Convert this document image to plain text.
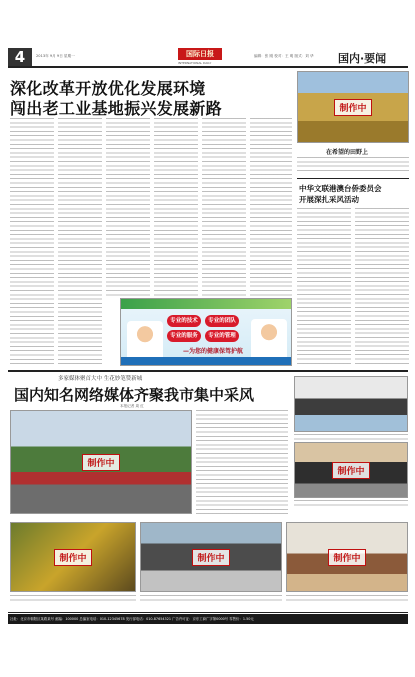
4	2013年 9月 9日 星期一	国际日报
INTERNATIONAL DAILY
编辑：张 刚 校对：王 明 版式：刘 华 国内·要闻
深化改革开放优化发展环境
闯出老工业基地振兴发展新路	制作中
在希望的田野上
中华文联港澳台侨委员会
开展深扎采风活动
专业的技术	专业的团队
专业的服务	专业的管理
—为您的健康保驾护航
多家媒体聚首大中 生花妙笔赞新城
国内知名网络媒体齐聚我市集中采风
本报记者 周 红
制作中
制作中
制作中	制作中	制作中
社址：北京市朝阳区某路某号 邮编：100000 总编室电话：010-12345678 发行部电话：010-87654321 广告许可证：京东工商广字第0000号 零售价：1.50元
